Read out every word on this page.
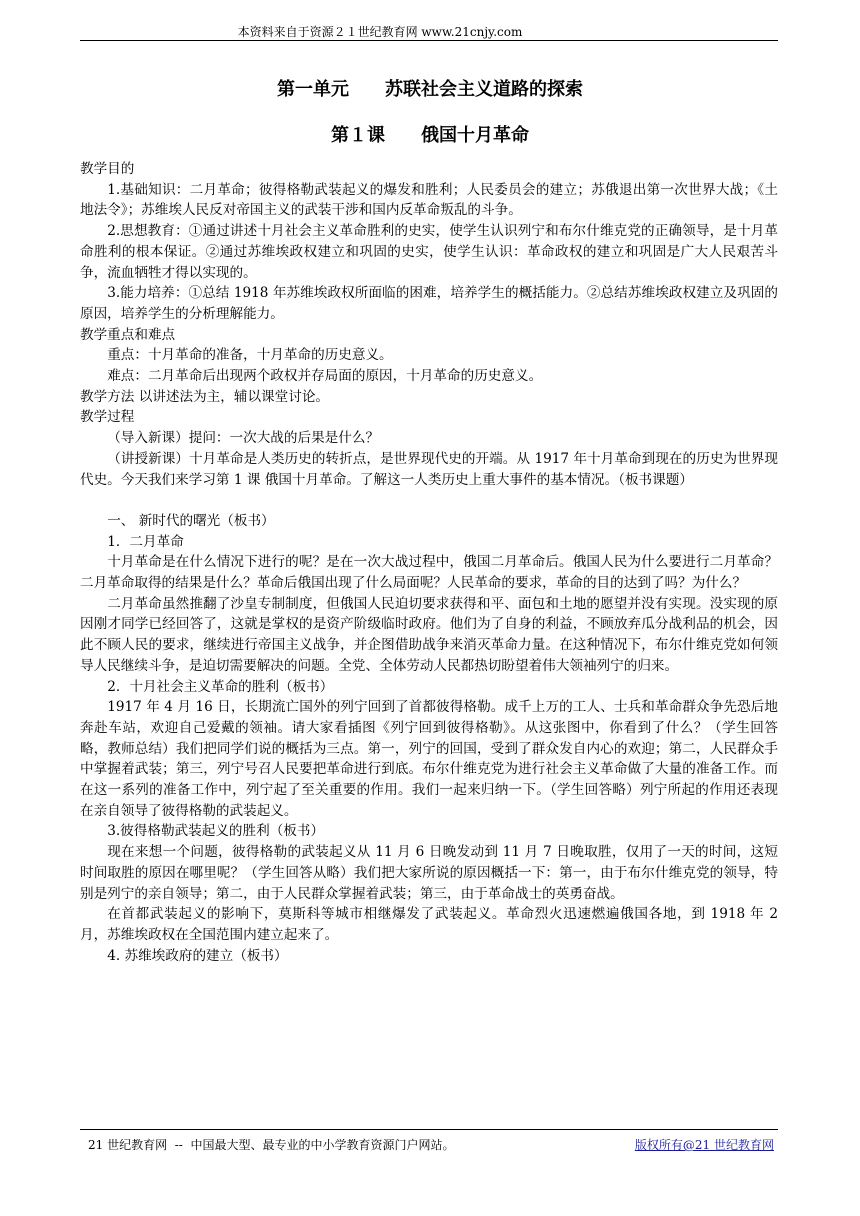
本资料来自于资源２１世纪教育网 www.21cnjy.com
第一单元　　苏联社会主义道路的探索
第１课　　俄国十月革命

教学目的

1.基础知识：二月革命；彼得格勒武装起义的爆发和胜利；人民委员会的建立；苏俄退出第一次世界大战；《土地法令》；苏维埃人民反对帝国主义的武装干涉和国内反革命叛乱的斗争。

2.思想教育：①通过讲述十月社会主义革命胜利的史实，使学生认识列宁和布尔什维克党的正确领导，是十月革命胜利的根本保证。②通过苏维埃政权建立和巩固的史实，使学生认识：革命政权的建立和巩固是广大人民艰苦斗争，流血牺牲才得以实现的。

3.能力培养：①总结 1918 年苏维埃政权所面临的困难，培养学生的概括能力。②总结苏维埃政权建立及巩固的原因，培养学生的分析理解能力。

教学重点和难点

重点：十月革命的准备，十月革命的历史意义。

难点：二月革命后出现两个政权并存局面的原因，十月革命的历史意义。

教学方法 以讲述法为主，辅以课堂讨论。

教学过程

（导入新课）提问：一次大战的后果是什么？

（讲授新课）十月革命是人类历史的转折点，是世界现代史的开端。从 1917 年十月革命到现在的历史为世界现代史。今天我们来学习第 1 课 俄国十月革命。了解这一人类历史上重大事件的基本情况。（板书课题）

一、 新时代的曙光（板书）

1．二月革命

十月革命是在什么情况下进行的呢？是在一次大战过程中，俄国二月革命后。俄国人民为什么要进行二月革命？二月革命取得的结果是什么？革命后俄国出现了什么局面呢？人民革命的要求，革命的目的达到了吗？为什么？

二月革命虽然推翻了沙皇专制制度，但俄国人民迫切要求获得和平、面包和土地的愿望并没有实现。没实现的原因刚才同学已经回答了，这就是掌权的是资产阶级临时政府。他们为了自身的利益，不顾放弃瓜分战利品的机会，因此不顾人民的要求，继续进行帝国主义战争，并企图借助战争来消灭革命力量。在这种情况下，布尔什维克党如何领导人民继续斗争，是迫切需要解决的问题。全党、全体劳动人民都热切盼望着伟大领袖列宁的归来。

2．十月社会主义革命的胜利（板书）

1917 年 4 月 16 日，长期流亡国外的列宁回到了首都彼得格勒。成千上万的工人、士兵和革命群众争先恐后地奔赴车站，欢迎自己爱戴的领袖。请大家看插图《列宁回到彼得格勒》。从这张图中，你看到了什么？（学生回答略，教师总结）我们把同学们说的概括为三点。第一，列宁的回国，受到了群众发自内心的欢迎；第二，人民群众手中掌握着武装；第三，列宁号召人民要把革命进行到底。布尔什维克党为进行社会主义革命做了大量的准备工作。而在这一系列的准备工作中，列宁起了至关重要的作用。我们一起来归纳一下。（学生回答略）列宁所起的作用还表现在亲自领导了彼得格勒的武装起义。

3.彼得格勒武装起义的胜利（板书）

现在来想一个问题，彼得格勒的武装起义从 11 月 6 日晚发动到 11 月 7 日晚取胜，仅用了一天的时间，这短时间取胜的原因在哪里呢？（学生回答从略）我们把大家所说的原因概括一下：第一，由于布尔什维克党的领导，特别是列宁的亲自领导；第二，由于人民群众掌握着武装；第三，由于革命战士的英勇奋战。

在首都武装起义的影响下，莫斯科等城市相继爆发了武装起义。革命烈火迅速燃遍俄国各地，到 1918 年 2 月，苏维埃政权在全国范围内建立起来了。

4. 苏维埃政府的建立（板书）

21 世纪教育网  --  中国最大型、最专业的中小学教育资源门户网站。	版权所有@21 世纪教育网
